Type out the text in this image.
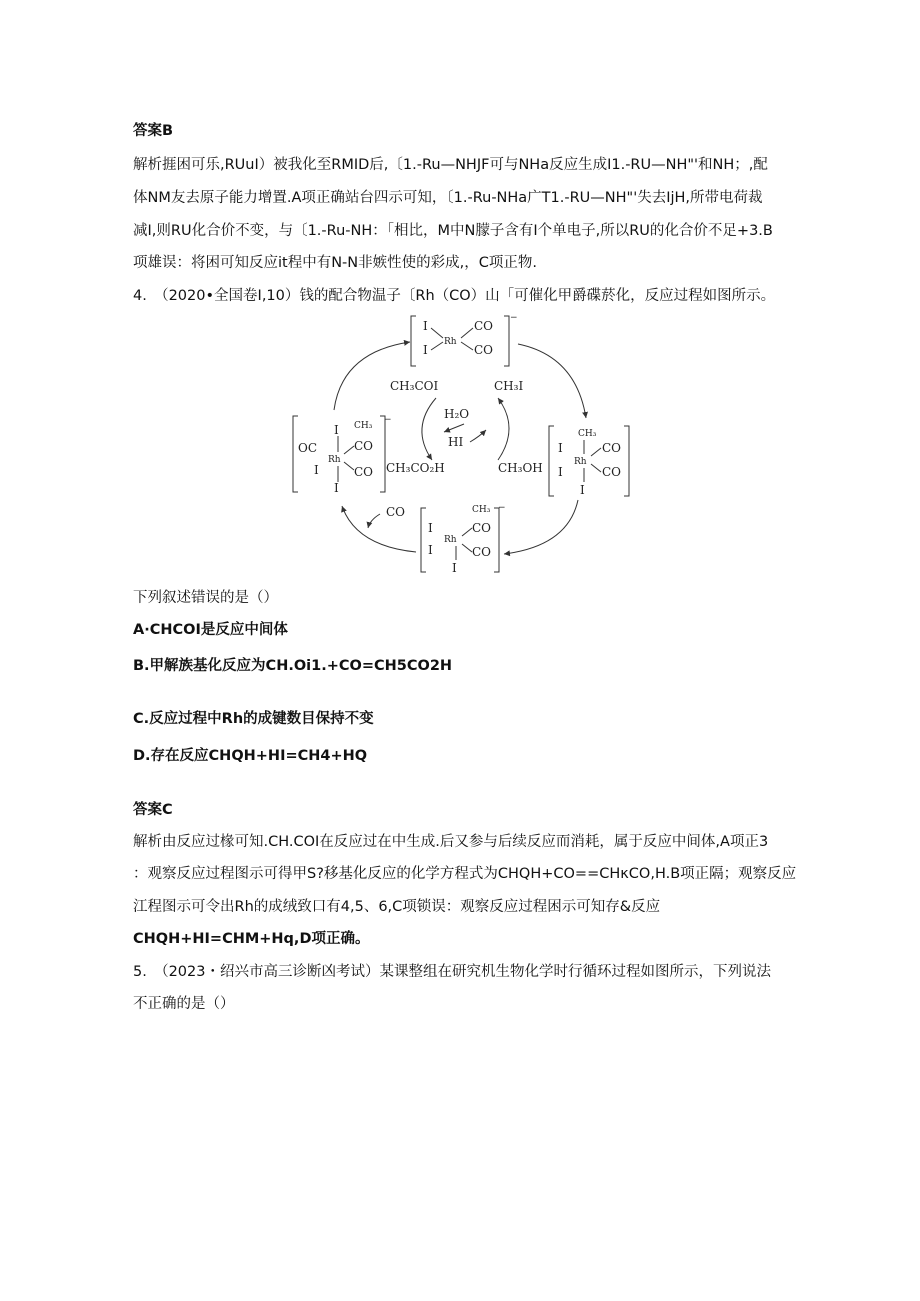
答案B
解析捱困可乐,RUuI）被我化至RMID后,〔1.-Ru—NHJF可与NHa反应生成I1.-RU—NH"'和NH；,配
体NM友去原子能力增置.A项正确站台四示可知，〔1.-Ru-NHa广T1.-RU—NH"'失去IjH,所带电荷裁
减I,则RU化合价不变，与〔1.-Ru-NH：「相比，M中N朦子含有I个单电子,所以RU的化合价不足+3.B
项雄误：将困可知反应it程中有N-N非嫉性使的彩成,，C项正物.
4.　（2020•全国卷I,10）钱的配合物温子〔Rh（CO）山「可催化甲爵碟菸化，反应过程如图所示。
I
I
Rh
CO
CO
−
I CH₃
CO
OC
Rh
I	CO
I
−
CH₃
I	CO
Rh
I	CO
I
CH₃
CO
I
Rh
I	CO
I
−
CH₃COI	CH₃I
H₂O
HI
CH₃CO₂H	CH₃OH
CO
下列叙述错误的是（）
A·CHCOI是反应中间体
B.甲解族基化反应为CH.Oi1.+CO=CH5CO2H
C.反应过程中Rh的成键数目保持不变
D.存在反应CHQH+HI=CH4+HQ
答案C
解析由反应过椽可知.CH.COI在反应过在中生成.后又参与后续反应而消耗，属于反应中间体,A项正3
：观察反应过程图示可得甲S?移基化反应的化学方程式为CHQH+CO==CHκCO,H.B项正隔；观察反应
江程图示可令出Rh的成绒致口有4,5、6,C项锁误：观察反应过程困示可知存&反应
CHQH+HI=CHM+Hq,D项正确。
5.　（2023・绍兴市高三诊断凶考试）某课整组在研究机生物化学时行循环过程如图所示，下列说法
不正确的是（）
